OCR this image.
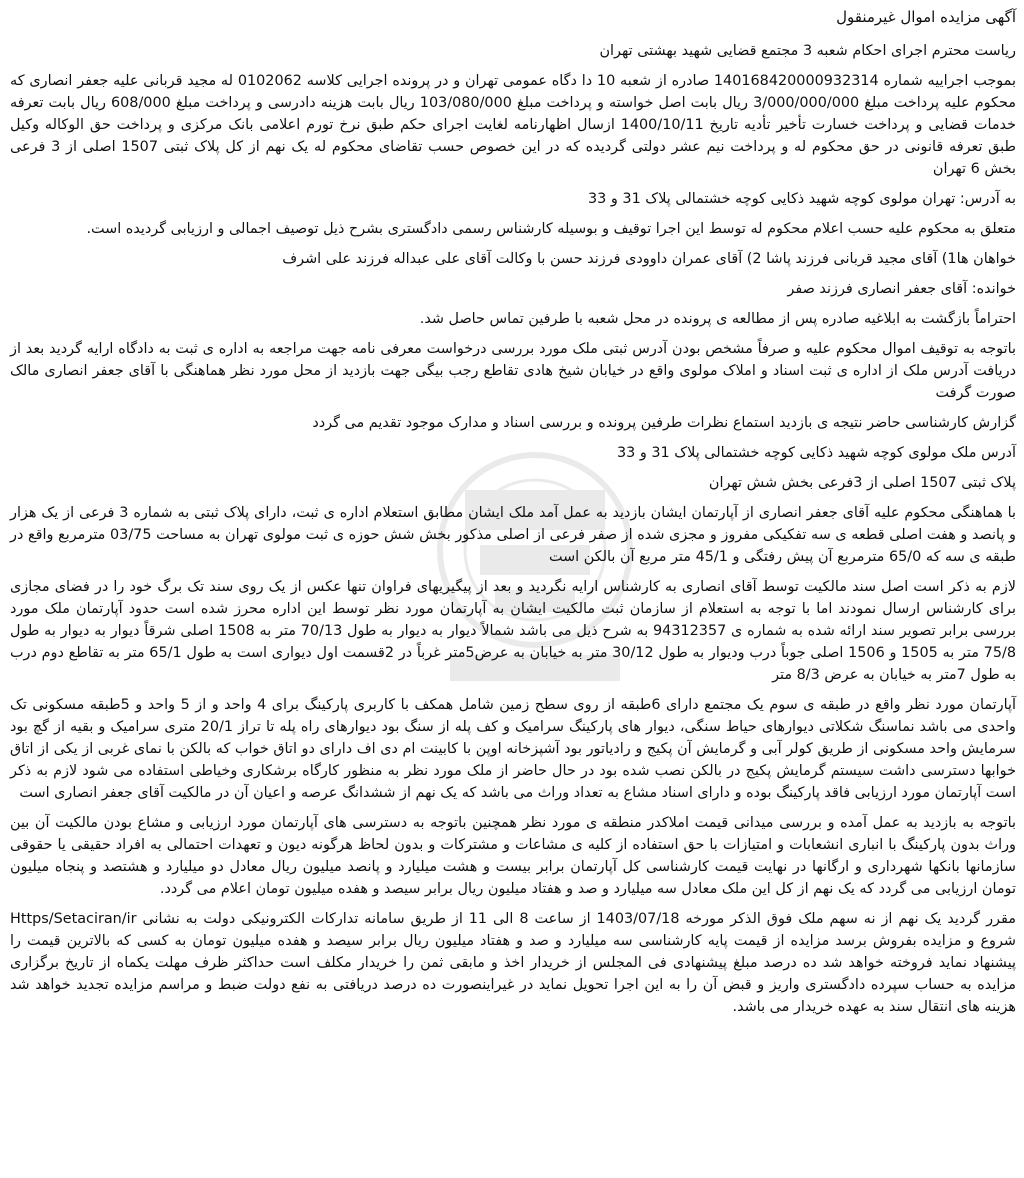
آگهی مزایده اموال غیرمنقول

ریاست محترم اجرای احکام شعبه 3 مجتمع قضایی شهید بهشتی تهران

بموجب اجراییه شماره 140168420000932314 صادره از شعبه 10 دا دگاه عمومی تهران و در پرونده اجرایی کلاسه 0102062 له مجید قربانی علیه جعفر انصاری که محکوم علیه پرداخت مبلغ 3/000/000/000 ریال بابت اصل خواسته و پرداخت مبلغ 103/080/000 ریال بابت هزینه دادرسی و پرداخت مبلغ 608/000 ریال بابت تعرفه خدمات قضایی و پرداخت خسارت تأخیر تأدیه تاریخ 1400/10/11 ازسال اظهارنامه لغایت اجرای حکم طبق نرخ تورم اعلامی بانک مرکزی و پرداخت حق الوکاله وکیل طبق تعرفه قانونی در حق محکوم له و پرداخت نیم عشر دولتی گردیده که در این خصوص حسب تقاضای محکوم له یک نهم از کل پلاک ثبتی 1507 اصلی از 3 فرعی بخش 6 تهران

به آدرس: تهران مولوی کوچه شهید ذکایی کوچه خشتمالی پلاک 31 و 33

متعلق به محکوم علیه حسب اعلام محکوم له توسط این اجرا توقیف و بوسیله کارشناس رسمی دادگستری بشرح ذیل توصیف اجمالی و ارزیابی گردیده است.

خواهان ها1) آقای مجید قربانی فرزند پاشا 2) آقای عمران داوودی فرزند حسن با وکالت آقای علی عبداله فرزند علی اشرف

خوانده: آقای جعفر انصاری فرزند صفر

احتراماً بازگشت به ابلاغیه صادره پس از مطالعه ی پرونده در محل شعبه با طرفین تماس حاصل شد.

باتوجه به توقیف اموال محکوم علیه و صرفاً مشخص بودن آدرس ثبتی ملک مورد بررسی درخواست معرفی نامه جهت مراجعه به اداره ی ثبت به دادگاه ارایه گردید بعد از دریافت آدرس ملک از اداره ی ثبت اسناد و املاک مولوی واقع در خیابان شیخ هادی تقاطع رجب بیگی جهت بازدید از محل مورد نظر هماهنگی با آقای جعفر انصاری مالک صورت گرفت

گزارش کارشناسی حاضر نتیجه ی بازدید استماع نظرات طرفین پرونده و بررسی اسناد و مدارک موجود تقدیم می گردد

آدرس ملک مولوی کوچه شهید ذکایی کوچه خشتمالی پلاک 31 و 33

پلاک ثبتی 1507 اصلی از 3فرعی بخش شش تهران

با هماهنگی محکوم علیه آقای جعفر انصاری از آپارتمان ایشان بازدید به عمل آمد ملک ایشان مطابق استعلام اداره ی ثبت، دارای پلاک ثبتی به شماره 3 فرعی از یک هزار و پانصد و هفت اصلی قطعه ی سه تفکیکی مفروز و مجزی شده از صفر فرعی از اصلی مذکور بخش شش حوزه ی ثبت مولوی تهران به مساحت 03/75 مترمربع واقع در طبقه ی سه که 65/0 مترمربع آن پیش رفتگی و 45/1 متر مربع آن بالکن است

لازم به ذکر است اصل سند مالکیت توسط آقای انصاری به کارشناس ارایه نگردید و بعد از پیگیریهای فراوان تنها عکس از یک روی سند تک برگ خود را در فضای مجازی برای کارشناس ارسال نمودند اما با توجه به استعلام از سازمان ثبت مالکیت ایشان به آپارتمان مورد نظر توسط این اداره محرز شده است حدود آپارتمان ملک مورد بررسی برابر تصویر سند ارائه شده به شماره ی 94312357 به شرح ذیل می باشد شمالاً دیوار به دیوار به طول 70/13 متر به 1508 اصلی شرقاً دیوار به دیوار به طول 75/8 متر به 1505 و 1506 اصلی جوباً درب ودیوار به طول 30/12 متر به خیابان به عرض5متر غرباً در 2قسمت اول دیواری است به طول 65/1 متر به تقاطع دوم درب به طول 7متر به خیابان به عرض 8/3 متر

آپارتمان مورد نظر واقع در طبقه ی سوم یک مجتمع دارای 6طبقه از روی سطح زمین شامل همکف با کاربری پارکینگ برای 4 واحد و از 5 واحد و 5طبقه مسکونی تک واحدی می باشد نماسنگ شکلاتی دیوارهای حیاط سنگی، دیوار های پارکینگ سرامیک و کف پله از سنگ بود دیوارهای راه پله تا تراز 20/1 متری سرامیک و بقیه از گچ بود سرمایش واحد مسکونی از طریق کولر آبی و گرمایش آن پکیج و رادیاتور بود آشپزخانه اوپن با کابینت ام دی اف دارای دو اتاق خواب که بالکن با نمای غربی از یکی از اتاق خوابها دسترسی داشت سیستم گرمایش پکیج در بالکن نصب شده بود در حال حاضر از ملک مورد نظر به منظور کارگاه برشکاری وخیاطی استفاده می شود لازم به ذکر است آپارتمان مورد ارزیابی فاقد پارکینگ بوده و دارای اسناد مشاع به تعداد وراث می باشد که یک نهم از ششدانگ عرصه و اعیان آن در مالکیت آقای جعفر انصاری است

باتوجه به بازدید به عمل آمده و بررسی میدانی قیمت املاکدر منطقه ی مورد نظر همچنین باتوجه به دسترسی های آپارتمان مورد ارزیابی و مشاع بودن مالکیت آن بین وراث بدون پارکینگ با انباری انشعابات و امتیازات با حق استفاده از کلیه ی مشاعات و مشترکات و بدون لحاظ هرگونه دیون و تعهدات احتمالی به افراد حقیقی یا حقوقی سازمانها بانکها شهرداری و ارگانها در نهایت قیمت کارشناسی کل آپارتمان برابر بیست و هشت میلیارد و پانصد میلیون ریال معادل دو میلیارد و هشتصد و پنجاه میلیون تومان ارزیابی می گردد که یک نهم از کل این ملک معادل سه میلیارد و صد و هفتاد میلیون ریال برابر سیصد و هفده میلیون تومان اعلام می گردد.

مقرر گردید یک نهم از نه سهم ملک فوق الذکر مورخه 1403/07/18 از ساعت 8 الی 11 از طریق سامانه تدارکات الکترونیکی دولت به نشانی Https/Setaciran/ir شروع و مزایده بفروش برسد مزایده از قیمت پایه کارشناسی سه میلیارد و صد و هفتاد میلیون ریال برابر سیصد و هفده میلیون تومان به کسی که بالاترین قیمت را پیشنهاد نماید فروخته خواهد شد ده درصد مبلغ پیشنهادی فی المجلس از خریدار اخذ و مابقی ثمن را خریدار مکلف است حداکثر ظرف مهلت یکماه از تاریخ برگزاری مزایده به حساب سپرده دادگستری واریز و قبض آن را به این اجرا تحویل نماید در غیراینصورت ده درصد دریافتی به نفع دولت ضبط و مراسم مزایده تجدید خواهد شد هزینه های انتقال سند به عهده خریدار می باشد.
